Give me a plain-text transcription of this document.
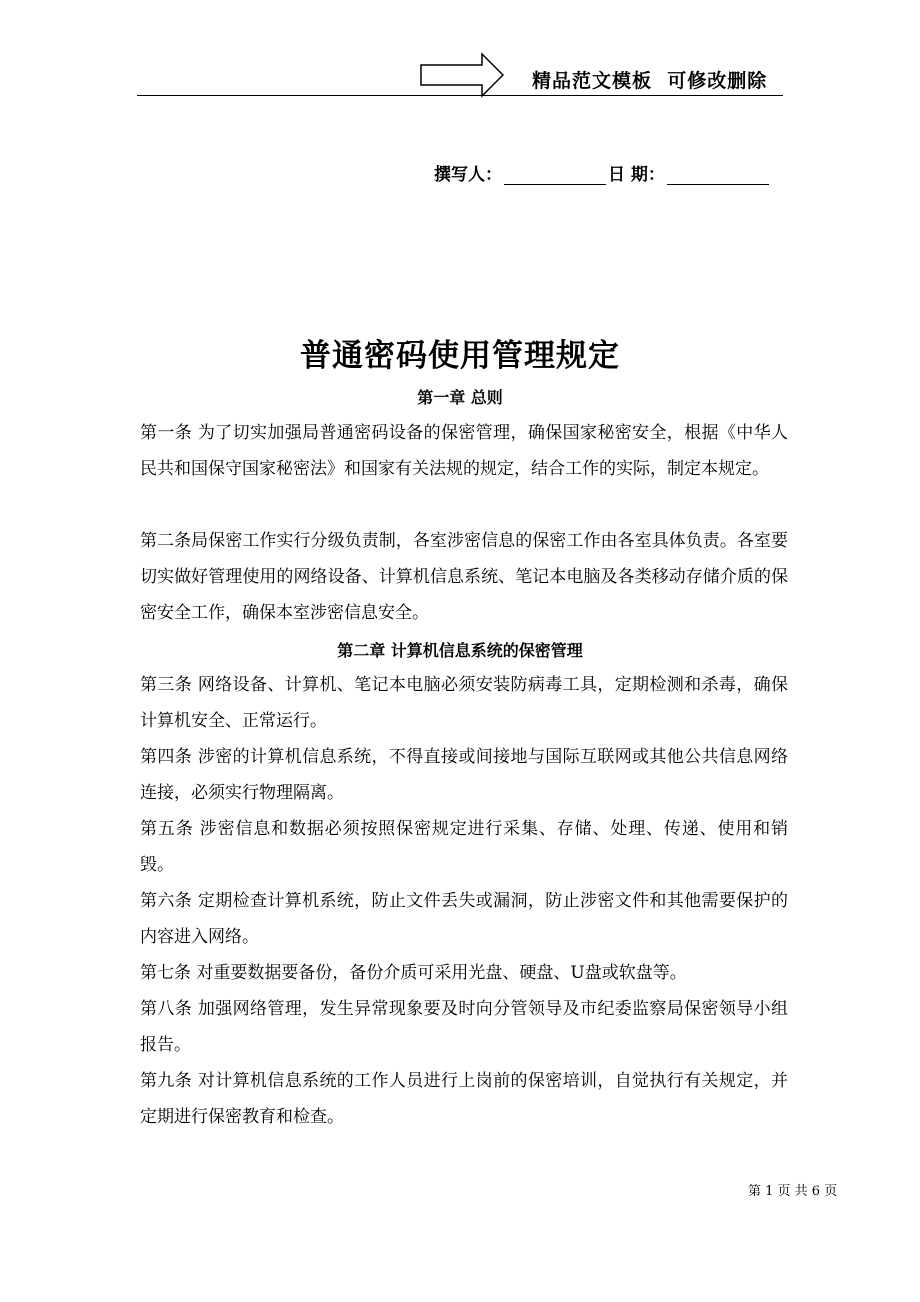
精品范文模板  可修改删除
撰写人：	日 期：
普通密码使用管理规定
第一章 总则

第一条 为了切实加强局普通密码设备的保密管理，确保国家秘密安全，根据《中华人民共和国保守国家秘密法》和国家有关法规的规定，结合工作的实际，制定本规定。

第二条局保密工作实行分级负责制，各室涉密信息的保密工作由各室具体负责。各室要切实做好管理使用的网络设备、计算机信息系统、笔记本电脑及各类移动存储介质的保密安全工作，确保本室涉密信息安全。

第二章 计算机信息系统的保密管理

第三条 网络设备、计算机、笔记本电脑必须安装防病毒工具，定期检测和杀毒，确保计算机安全、正常运行。

第四条 涉密的计算机信息系统，不得直接或间接地与国际互联网或其他公共信息网络连接，必须实行物理隔离。

第五条 涉密信息和数据必须按照保密规定进行采集、存储、处理、传递、使用和销毁。

第六条 定期检查计算机系统，防止文件丢失或漏洞，防止涉密文件和其他需要保护的内容进入网络。

第七条 对重要数据要备份，备份介质可采用光盘、硬盘、U盘或软盘等。

第八条 加强网络管理，发生异常现象要及时向分管领导及市纪委监察局保密领导小组报告。

第九条 对计算机信息系统的工作人员进行上岗前的保密培训，自觉执行有关规定，并定期进行保密教育和检查。

第 1 页 共 6 页
